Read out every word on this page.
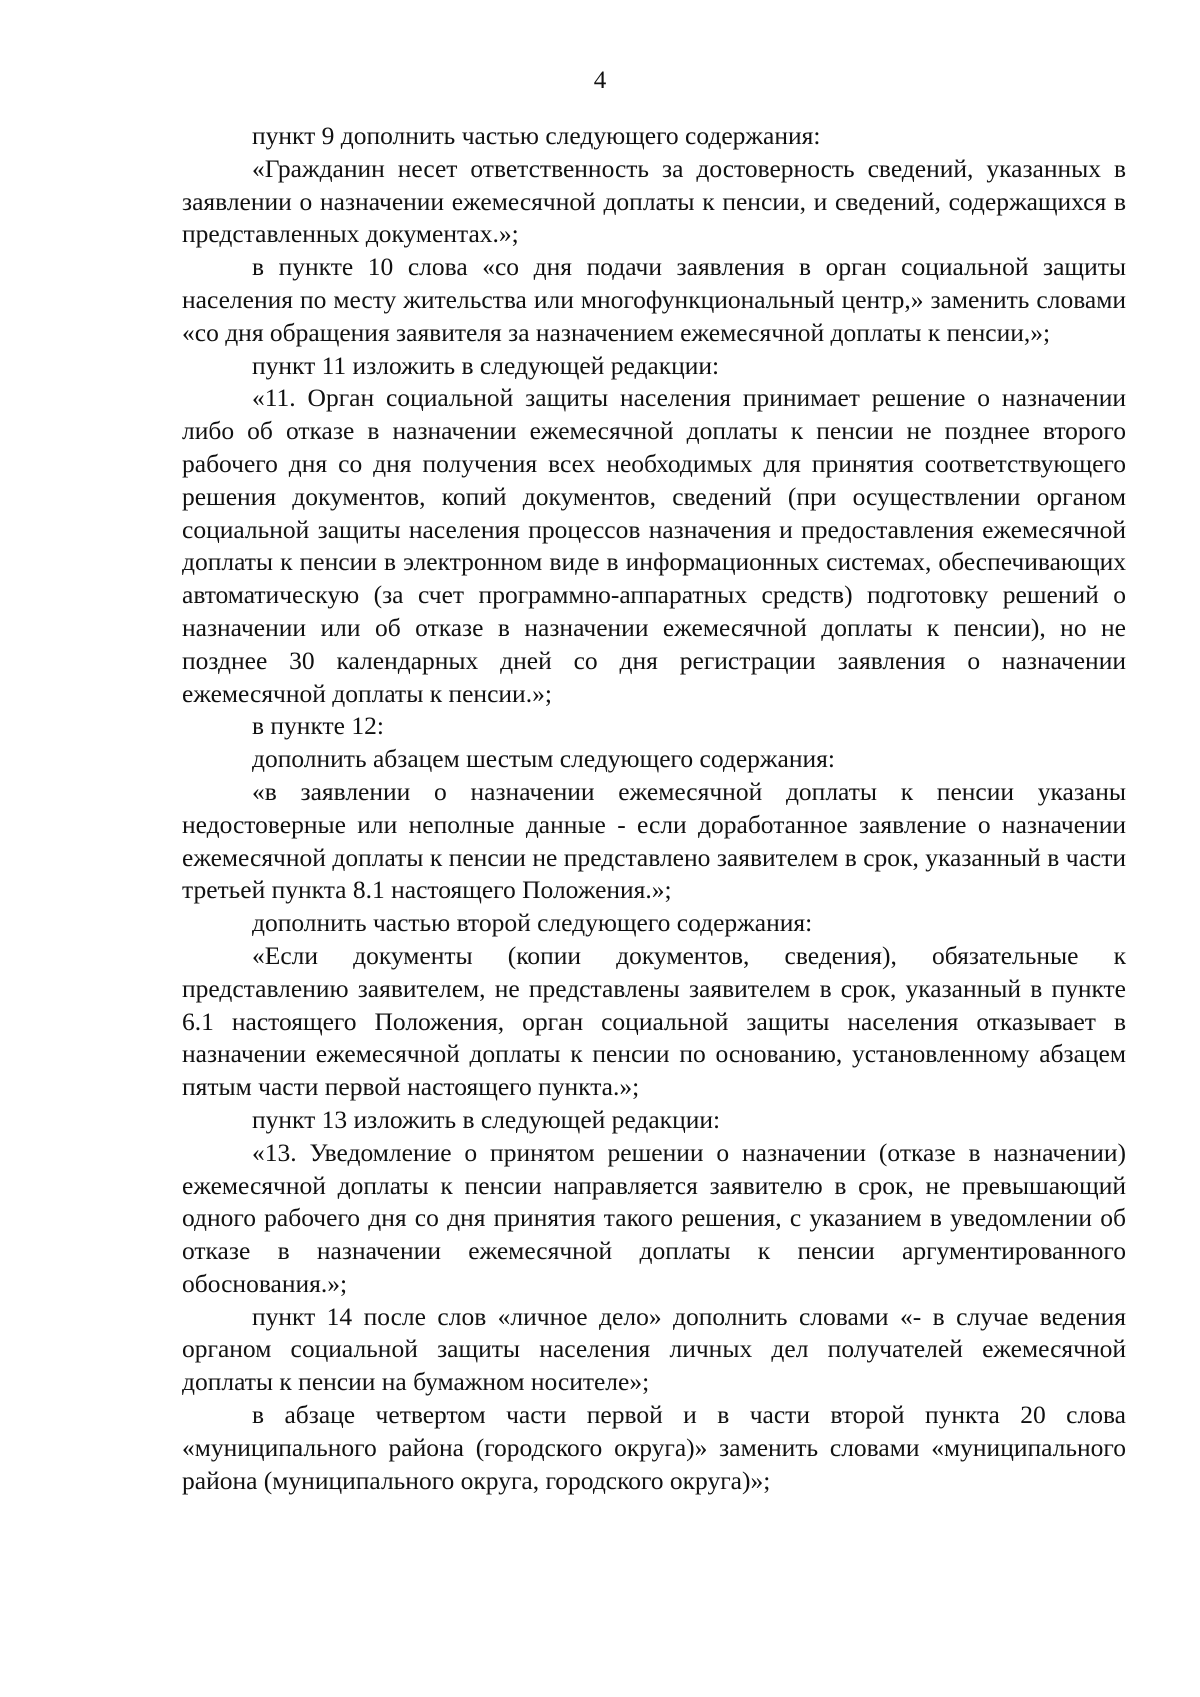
4

пункт 9 дополнить частью следующего содержания:

«Гражданин несет ответственность за достоверность сведений, указанных в заявлении о назначении ежемесячной доплаты к пенсии, и сведений, содержащихся в представленных документах.»;

в пункте 10 слова «со дня подачи заявления в орган социальной защиты населения по месту жительства или многофункциональный центр,» заменить словами «со дня обращения заявителя за назначением ежемесячной доплаты к пенсии,»;

пункт 11 изложить в следующей редакции:

«11. Орган социальной защиты населения принимает решение о назначении либо об отказе в назначении ежемесячной доплаты к пенсии не позднее второго рабочего дня со дня получения всех необходимых для принятия соответствующего решения документов, копий документов, сведений (при осуществлении органом социальной защиты населения процессов назначения и предоставления ежемесячной доплаты к пенсии в электронном виде в информационных системах, обеспечивающих автоматическую (за счет программно-аппаратных средств) подготовку решений о назначении или об отказе в назначении ежемесячной доплаты к пенсии), но не позднее 30 календарных дней со дня регистрации заявления о назначении ежемесячной доплаты к пенсии.»;

в пункте 12:

дополнить абзацем шестым следующего содержания:

«в заявлении о назначении ежемесячной доплаты к пенсии указаны недостоверные или неполные данные - если доработанное заявление о назначении ежемесячной доплаты к пенсии не представлено заявителем в срок, указанный в части третьей пункта 8.1 настоящего Положения.»;

дополнить частью второй следующего содержания:

«Если документы (копии документов, сведения), обязательные к представлению заявителем, не представлены заявителем в срок, указанный в пункте 6.1 настоящего Положения, орган социальной защиты населения отказывает в назначении ежемесячной доплаты к пенсии по основанию, установленному абзацем пятым части первой настоящего пункта.»;

пункт 13 изложить в следующей редакции:

«13. Уведомление о принятом решении о назначении (отказе в назначении) ежемесячной доплаты к пенсии направляется заявителю в срок, не превышающий одного рабочего дня со дня принятия такого решения, с указанием в уведомлении об отказе в назначении ежемесячной доплаты к пенсии аргументированного обоснования.»;

пункт 14 после слов «личное дело» дополнить словами «- в случае ведения органом социальной защиты населения личных дел получателей ежемесячной доплаты к пенсии на бумажном носителе»;

в абзаце четвертом части первой и в части второй пункта 20 слова «муниципального района (городского округа)» заменить словами «муниципального района (муниципального округа, городского округа)»;
